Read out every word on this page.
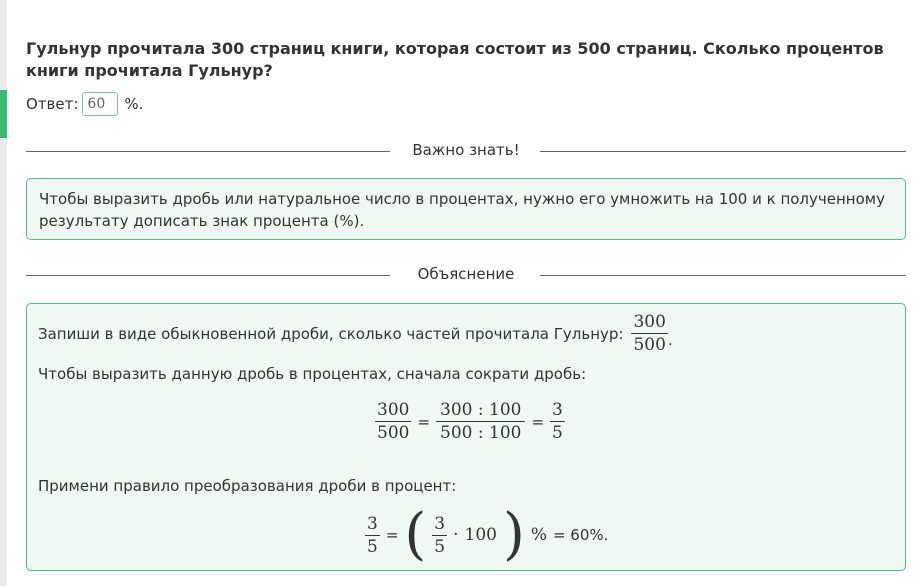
Гульнур прочитала 300 страниц книги, которая состоит из 500 страниц. Сколько процентов книги прочитала Гульнур?
Ответ: 60	%.
Важно знать!
Чтобы выразить дробь или натуральное число в процентах, нужно его умножить на 100 и к полученному результату дописать знак процента (%).
Объяснение
Запиши в виде обыкновенной дроби, сколько частей прочитала Гульнур: $\frac{300}{500}$ .
Чтобы выразить данную дробь в процентах, сначала сократи дробь:
$\frac{300}{500} = \frac{300 : 100}{500 : 100} = \frac{3}{5}$
Примени правило преобразования дроби в процент:
$\frac{3}{5}$ = ( $\frac{3}{5} \cdot 100$ ) % = 60%.
